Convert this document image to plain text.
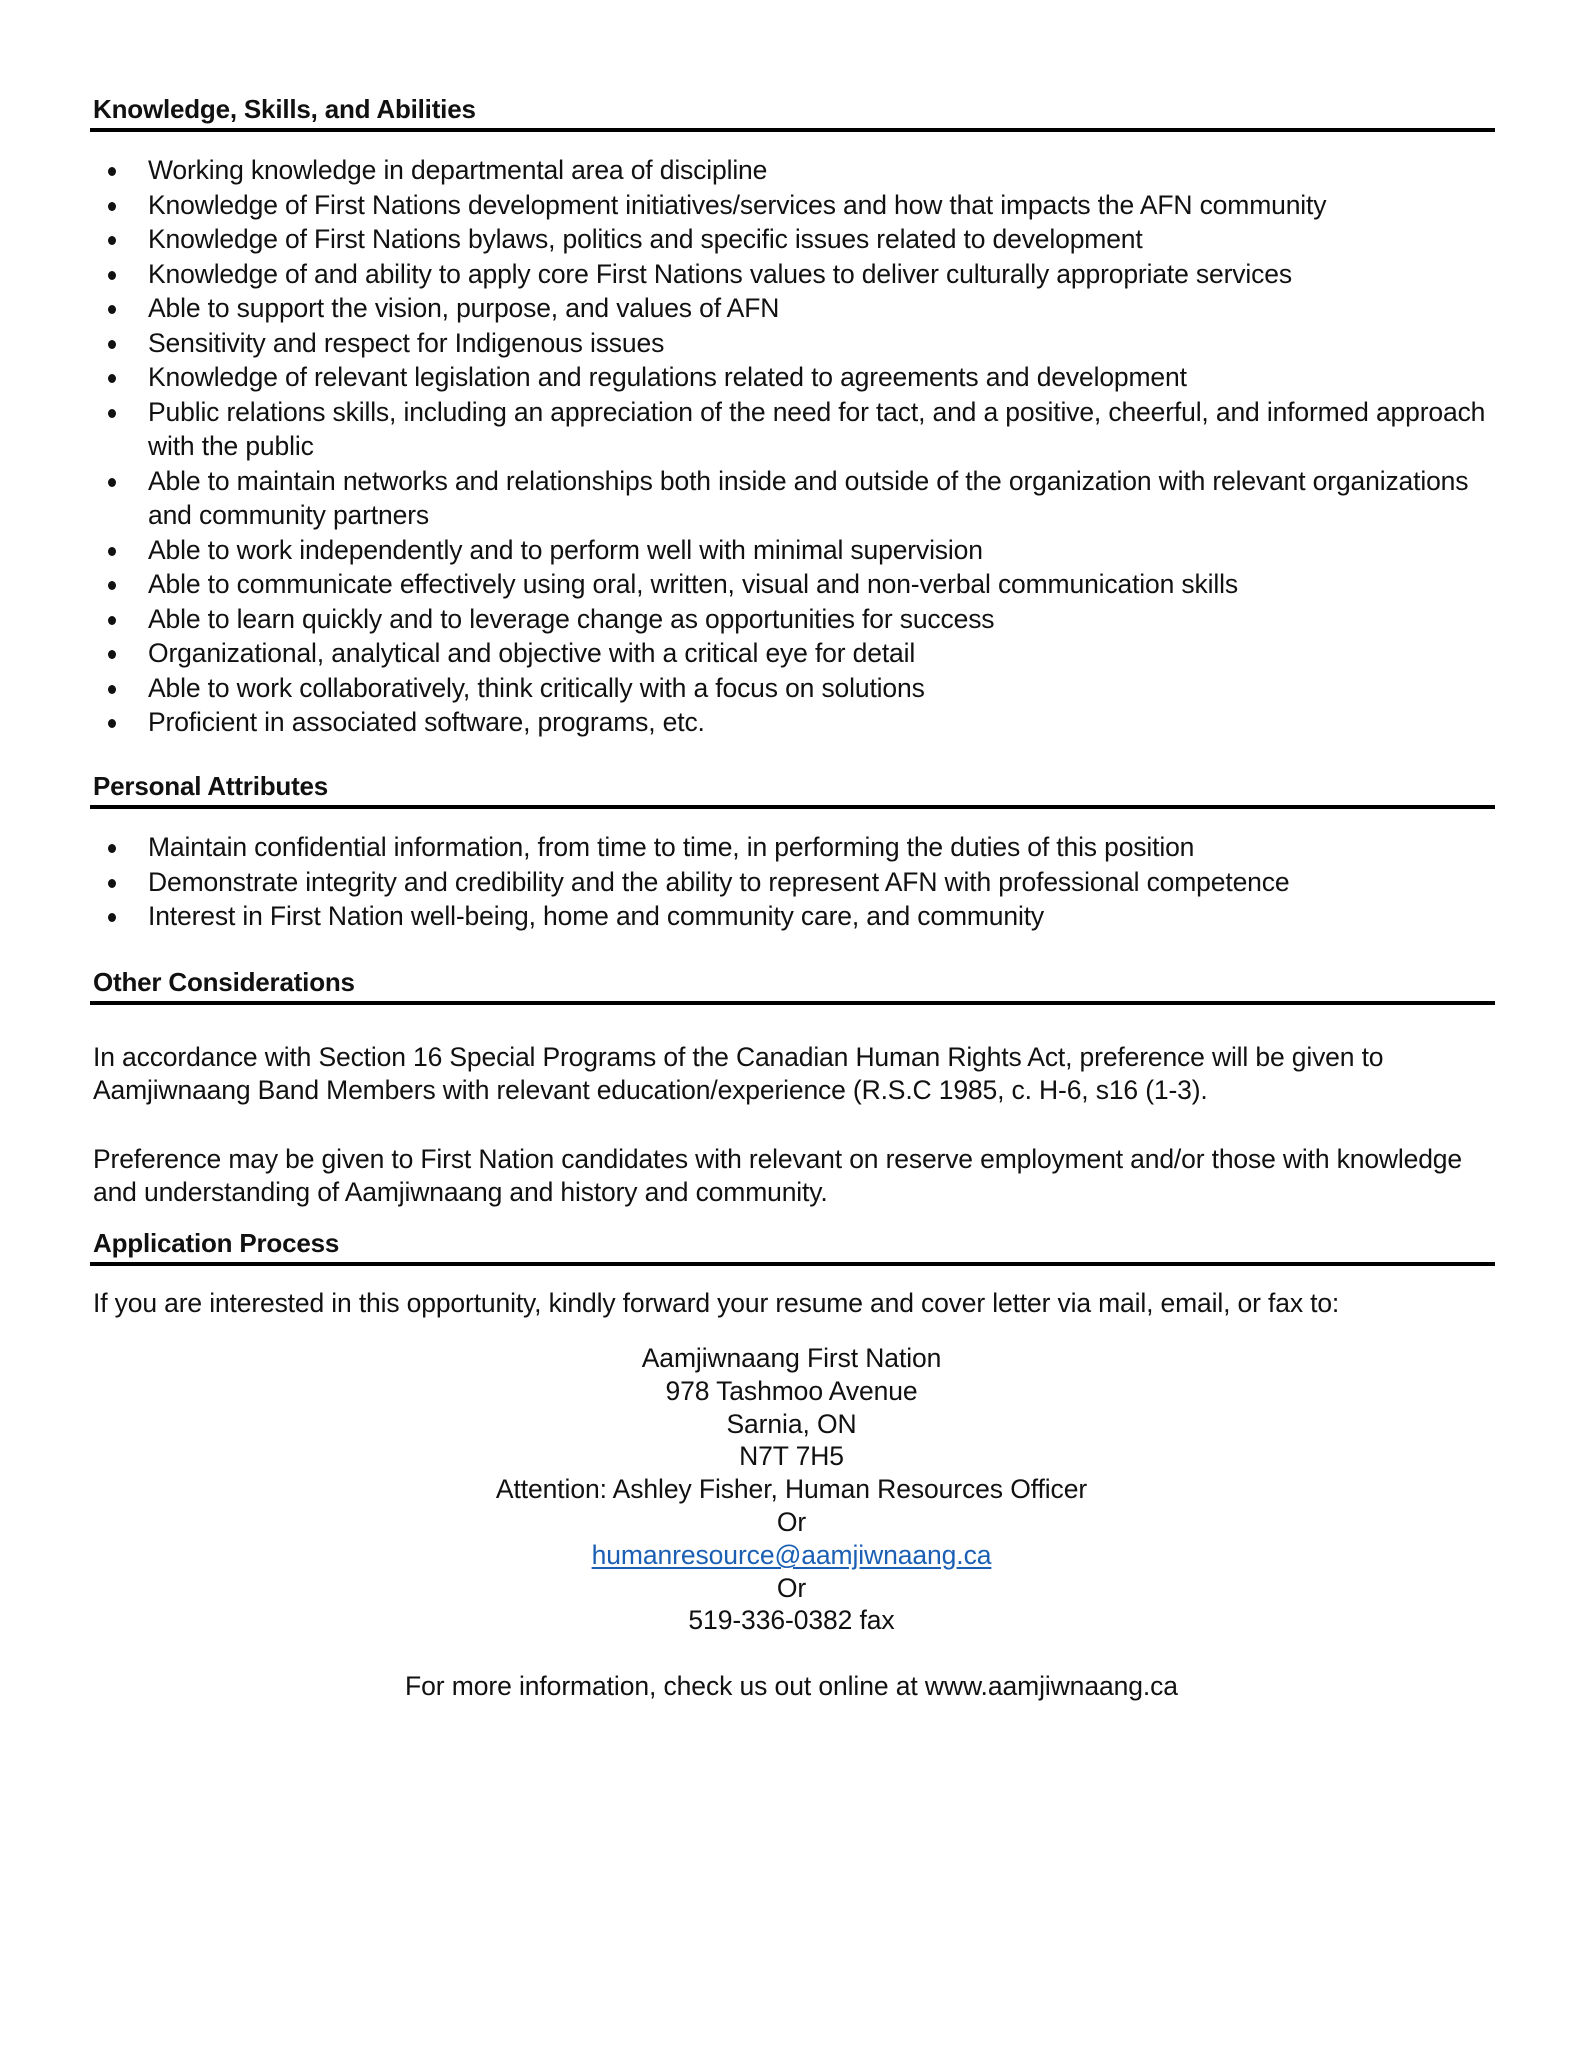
Knowledge, Skills, and Abilities
Working knowledge in departmental area of discipline
Knowledge of First Nations development initiatives/services and how that impacts the AFN community
Knowledge of First Nations bylaws, politics and specific issues related to development
Knowledge of and ability to apply core First Nations values to deliver culturally appropriate services
Able to support the vision, purpose, and values of AFN
Sensitivity and respect for Indigenous issues
Knowledge of relevant legislation and regulations related to agreements and development
Public relations skills, including an appreciation of the need for tact, and a positive, cheerful, and informed approach with the public
Able to maintain networks and relationships both inside and outside of the organization with relevant organizations and community partners
Able to work independently and to perform well with minimal supervision
Able to communicate effectively using oral, written, visual and non-verbal communication skills
Able to learn quickly and to leverage change as opportunities for success
Organizational, analytical and objective with a critical eye for detail
Able to work collaboratively, think critically with a focus on solutions
Proficient in associated software, programs, etc.
Personal Attributes
Maintain confidential information, from time to time, in performing the duties of this position
Demonstrate integrity and credibility and the ability to represent AFN with professional competence
Interest in First Nation well-being, home and community care, and community
Other Considerations

In accordance with Section 16 Special Programs of the Canadian Human Rights Act, preference will be given to Aamjiwnaang Band Members with relevant education/experience (R.S.C 1985, c. H-6, s16 (1-3).

Preference may be given to First Nation candidates with relevant on reserve employment and/or those with knowledge and understanding of Aamjiwnaang and history and community.

Application Process

If you are interested in this opportunity, kindly forward your resume and cover letter via mail, email, or fax to:

Aamjiwnaang First Nation
978 Tashmoo Avenue
Sarnia, ON
N7T 7H5
Attention: Ashley Fisher, Human Resources Officer
Or
humanresource@aamjiwnaang.ca
Or
519-336-0382 fax
For more information, check us out online at www.aamjiwnaang.ca
